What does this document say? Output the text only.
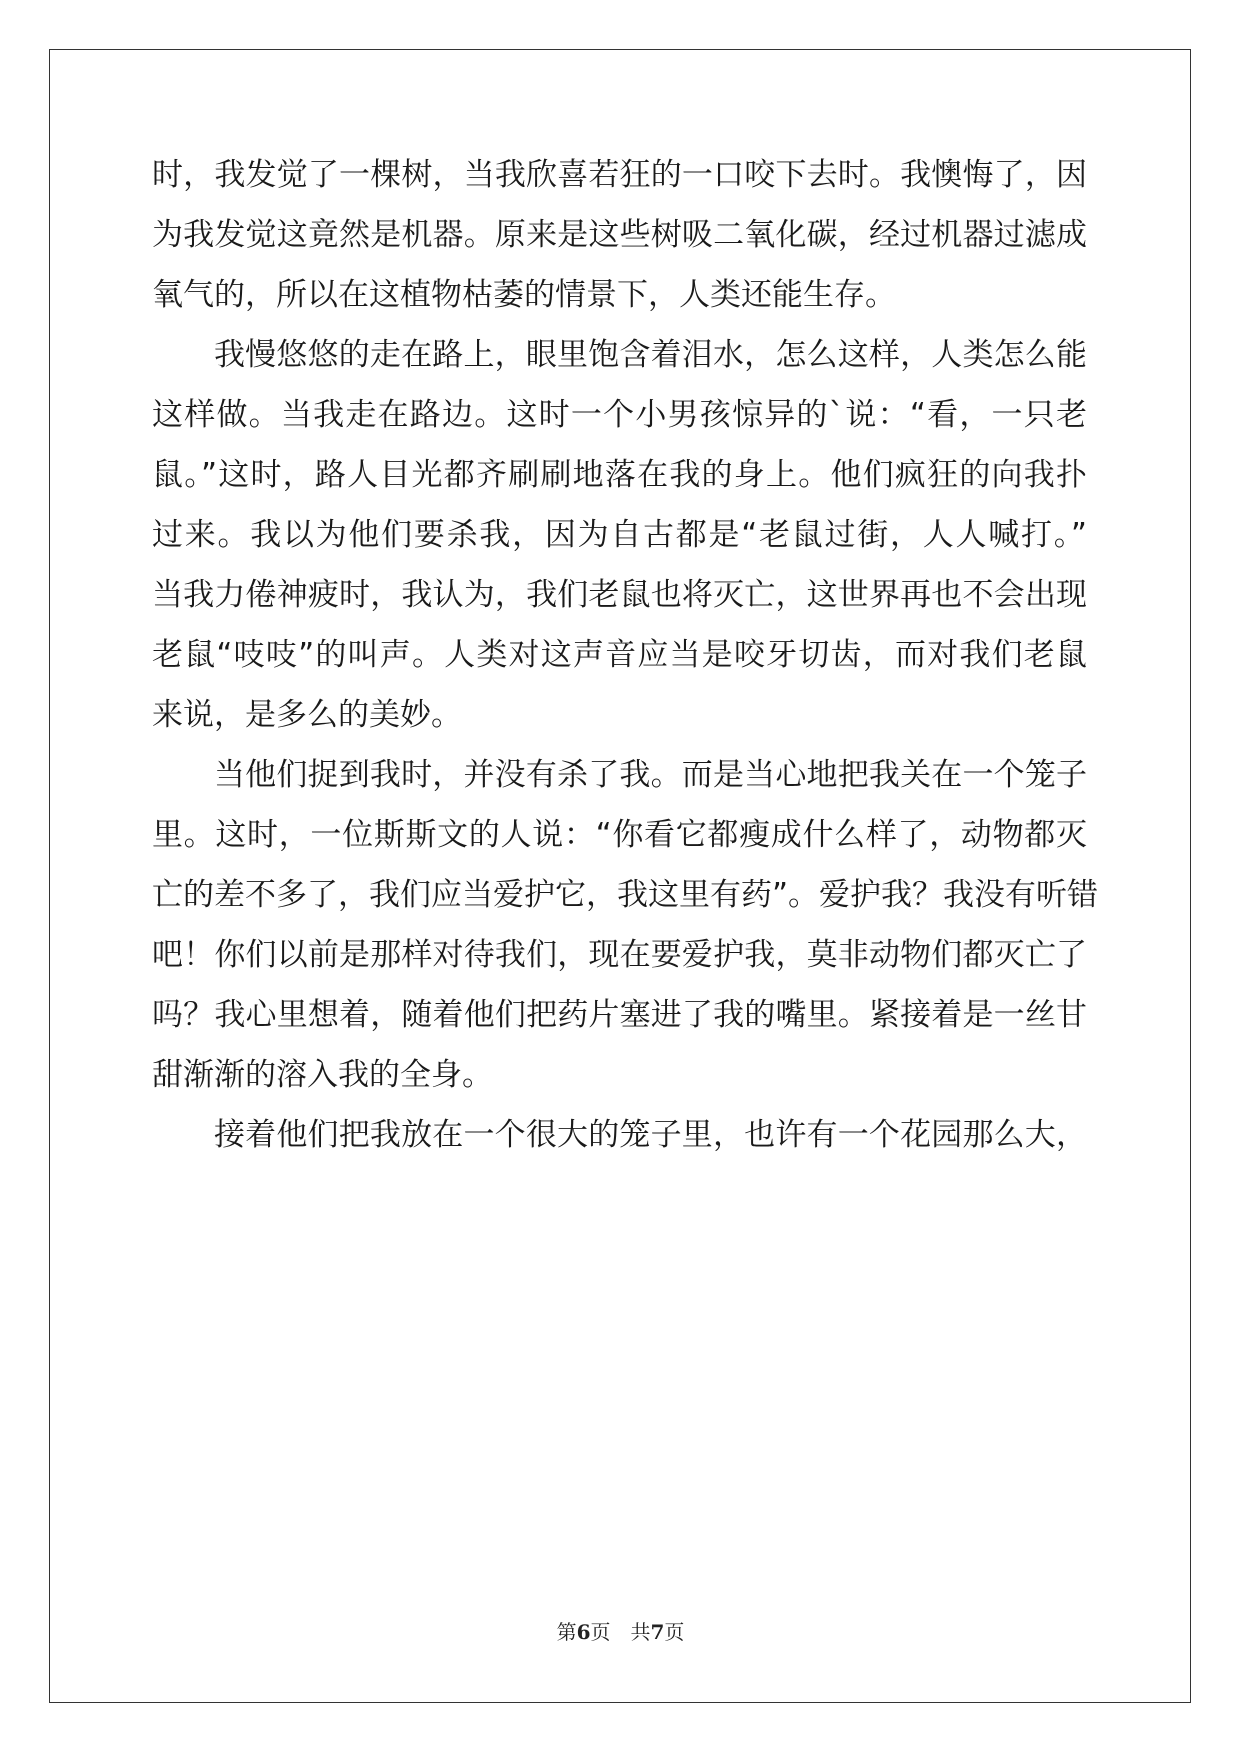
时，我发觉了一棵树，当我欣喜若狂的一口咬下去时。我懊悔了，因
为我发觉这竟然是机器。原来是这些树吸二氧化碳，经过机器过滤成
氧气的，所以在这植物枯萎的情景下，人类还能生存。
我慢悠悠的走在路上，眼里饱含着泪水，怎么这样，人类怎么能
这样做。当我走在路边。这时一个小男孩惊异的`说：“看，一只老
鼠。”这时，路人目光都齐刷刷地落在我的身上。他们疯狂的向我扑
过来。我以为他们要杀我，因为自古都是“老鼠过街，人人喊打。”
当我力倦神疲时，我认为，我们老鼠也将灭亡，这世界再也不会出现
老鼠“吱吱”的叫声。人类对这声音应当是咬牙切齿，而对我们老鼠
来说，是多么的美妙。
当他们捉到我时，并没有杀了我。而是当心地把我关在一个笼子
里。这时，一位斯斯文的人说：“你看它都瘦成什么样了，动物都灭
亡的差不多了，我们应当爱护它，我这里有药”。爱护我？我没有听错
吧！你们以前是那样对待我们，现在要爱护我，莫非动物们都灭亡了
吗？我心里想着，随着他们把药片塞进了我的嘴里。紧接着是一丝甘
甜渐渐的溶入我的全身。
接着他们把我放在一个很大的笼子里，也许有一个花园那么大，
第6页 共7页
